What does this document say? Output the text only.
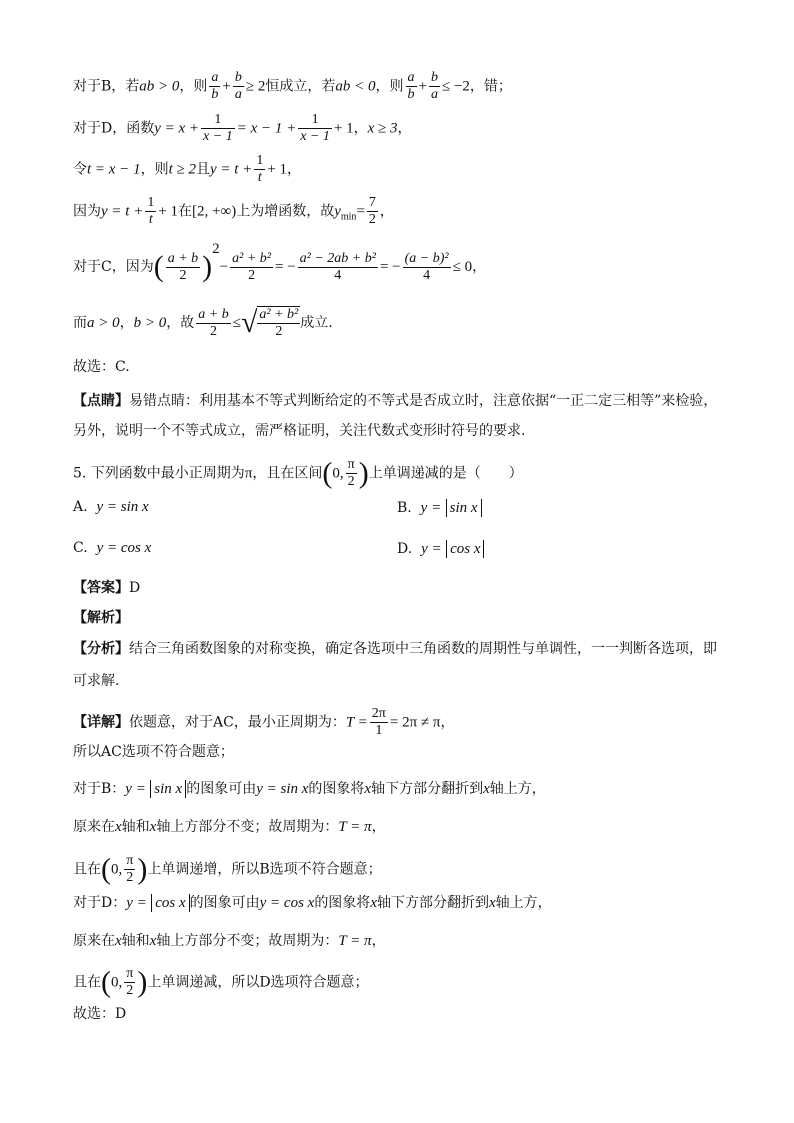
对于B，若ab > 0，则 $\frac{a}{b} + \frac{b}{a} \ge 2$恒成立，若ab < 0，则 $\frac{a}{b} + \frac{b}{a} \le -2$，错；
对于D，函数$y = x + \frac{1}{x - 1} = x - 1 + \frac{1}{x - 1} + 1$，x ≥ 3，
令t = x − 1，则t ≥ 2且$y = t + \frac{1}{t} + 1$，
因为$y = t + \frac{1}{t} + 1$在[2, +∞)上为增函数，故$y_{min}= \frac{7}{2}$ ，
对于C，因为( $\frac{a + b}{2} )^2- \frac{\text{a² + b²}}{2}$ = − $\frac{\text{a² − 2ab + b²}}{4}$ = − $\frac{\text{(a − b)²}}{4} \le 0$，
而a > 0，b > 0，故 $\frac{a + b}{2}$ ≤√ $\frac{\text{a² + b²}}{2}$ 成立.
故选：C.
【点睛】易错点睛：利用基本不等式判断给定的不等式是否成立时，注意依据“一正二定三相等”来检验，
另外，说明一个不等式成立，需严格证明，关注代数式变形时符号的要求.
5. 下列函数中最小正周期为π，且在区间(0, $\frac{\pi}{2}$ )上单调递减的是（　　）
A. y = sin x	B. y = sin x
C. y = cos x	D. y = cos x
【答案】D
【解析】
【分析】结合三角函数图象的对称变换，确定各选项中三角函数的周期性与单调性，一一判断各选项，即
可求解.
【详解】依题意，对于AC，最小正周期为：$T = \frac{2\pi}{1} = 2\pi \ne \pi$，
所以AC选项不符合题意；
对于B：y = sin x 的图象可由y = sin x的图象将x轴下方部分翻折到x轴上方，
原来在x轴和x轴上方部分不变；故周期为：T = π，
且在(0, $\frac{\pi}{2}$ )上单调递增，所以B选项不符合题意；
对于D：y = cos x 的图象可由y = cos x的图象将x轴下方部分翻折到x轴上方，
原来在x轴和x轴上方部分不变；故周期为：T = π，
且在(0, $\frac{\pi}{2}$ )上单调递减，所以D选项符合题意；
故选：D
